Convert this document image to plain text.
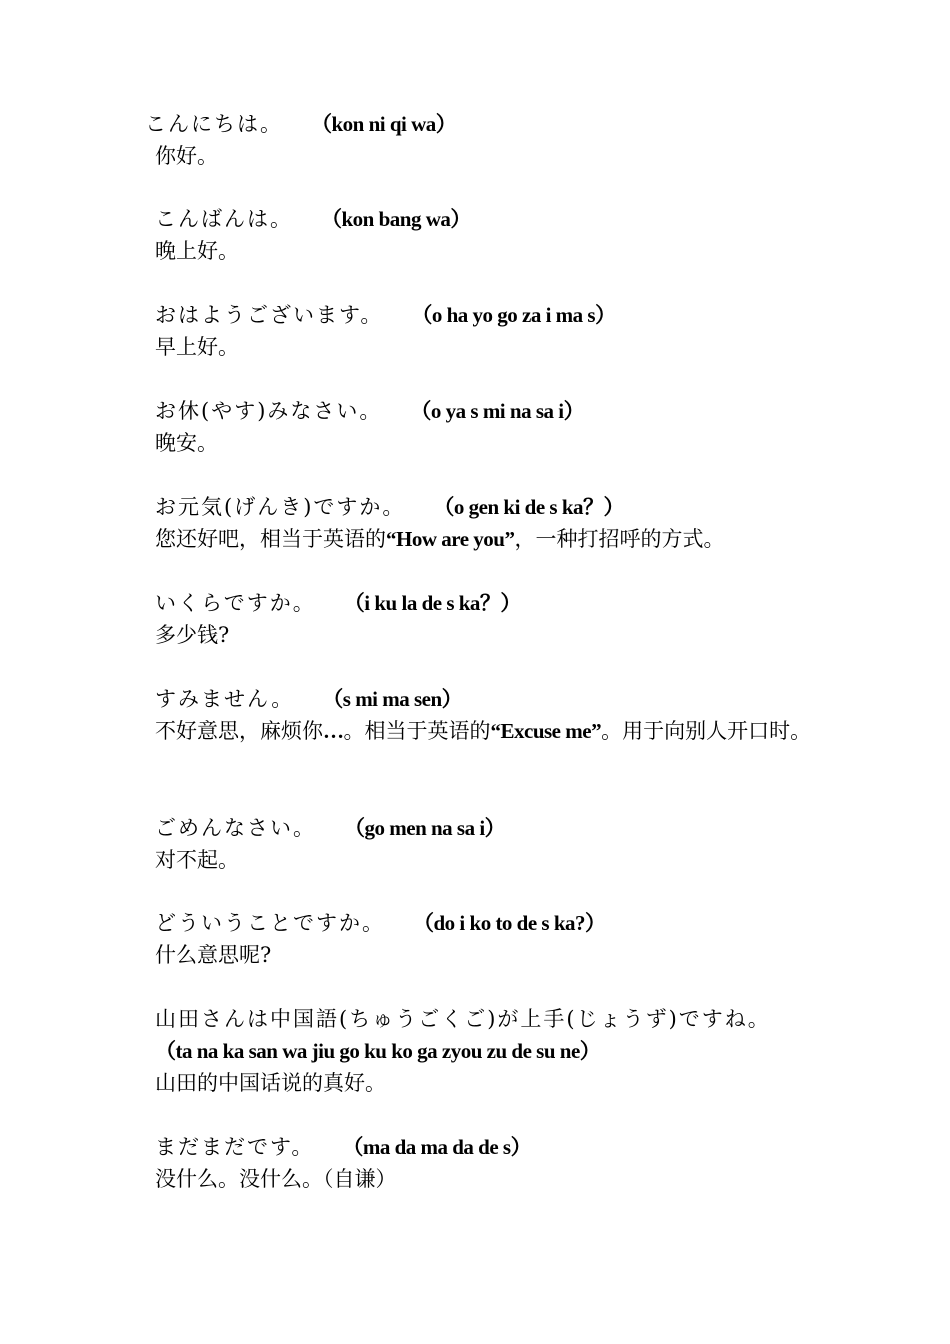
こんにちは。 （kon ni qi wa）
你好。
こんばんは。 （kon bang wa）
晚上好。
おはようございます。 （o ha yo go za i ma s）
早上好。
お休(やす)みなさい。 （o ya s mi na sa i）
晚安。
お元気(げんき)ですか。 （o gen ki de s ka？）
您还好吧，相当于英语的“How are you”，一种打招呼的方式。
いくらですか。 （i ku la de s ka？）
多少钱?
すみません。 （s mi ma sen）
不好意思，麻烦你…。相当于英语的“Excuse me”。用于向别人开口时。
ごめんなさい。 （go men na sa i）
对不起。
どういうことですか。 （do i ko to de s ka?）
什么意思呢?
山田さんは中国語(ちゅうごくご)が上手(じょうず)ですね。
（ta na ka san wa jiu go ku ko ga zyou zu de su ne）
山田的中国话说的真好。
まだまだです。 （ma da ma da de s）
没什么。没什么。（自谦）
